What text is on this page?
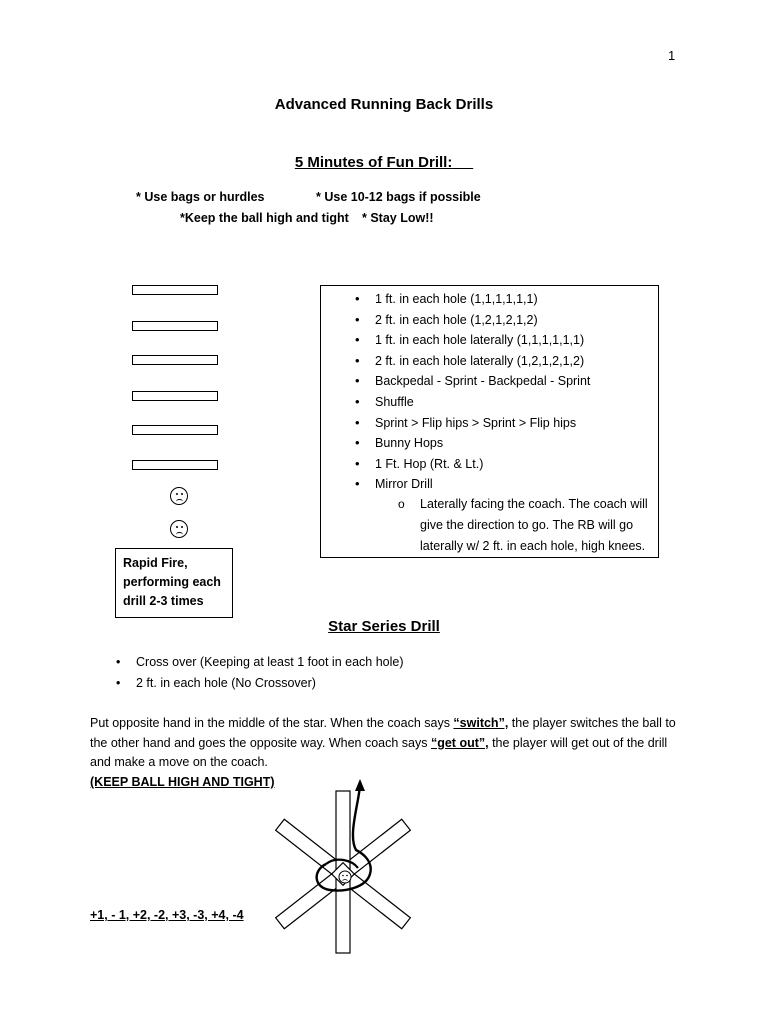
1
Advanced Running Back Drills
5 Minutes of Fun Drill:
* Use bags or hurdles	* Use 10-12 bags if possible
*Keep the ball high and tight * Stay Low!!
Rapid Fire,
performing each
drill 2-3 times
• 1 ft. in each hole (1,1,1,1,1,1)
• 2 ft. in each hole (1,2,1,2,1,2)
• 1 ft. in each hole laterally (1,1,1,1,1,1)
• 2 ft. in each hole laterally (1,2,1,2,1,2)
• Backpedal - Sprint - Backpedal - Sprint
• Shuffle
• Sprint > Flip hips > Sprint > Flip hips
• Bunny Hops
• 1 Ft. Hop (Rt. & Lt.)
• Mirror Drill
o Laterally facing the coach. The coach will give the direction to go. The RB will go laterally w/ 2 ft. in each hole, high knees.
Star Series Drill
• Cross over (Keeping at least 1 foot in each hole)
• 2 ft. in each hole (No Crossover)
Put opposite hand in the middle of the star. When the coach says “switch”, the player switches the ball to the other hand and goes the opposite way. When coach says “get out”, the player will get out of the drill and make a move on the coach.
(KEEP BALL HIGH AND TIGHT)
+1, - 1, +2, -2, +3, -3, +4, -4
